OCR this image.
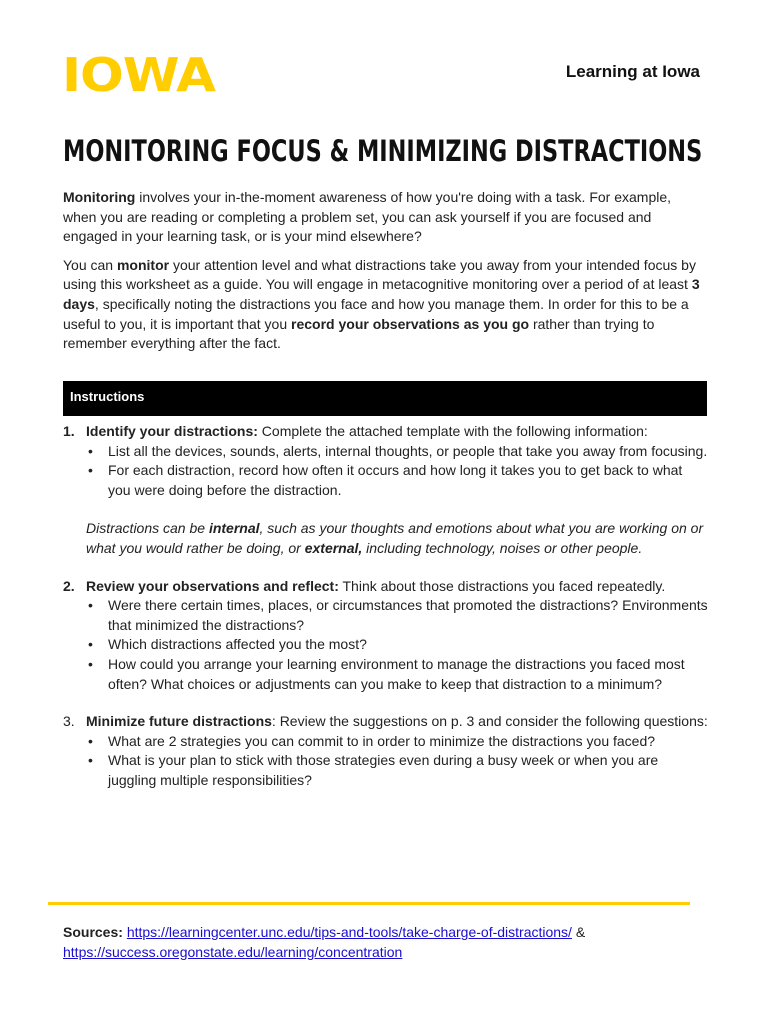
IOWA	Learning at Iowa
MONITORING FOCUS & MINIMIZING DISTRACTIONS

Monitoring involves your in-the-moment awareness of how you're doing with a task. For example, when you are reading or completing a problem set, you can ask yourself if you are focused and engaged in your learning task, or is your mind elsewhere?

You can monitor your attention level and what distractions take you away from your intended focus by using this worksheet as a guide. You will engage in metacognitive monitoring over a period of at least 3 days, specifically noting the distractions you face and how you manage them. In order for this to be a useful to you, it is important that you record your observations as you go rather than trying to remember everything after the fact.

Instructions
1. Identify your distractions: Complete the attached template with the following information:
• List all the devices, sounds, alerts, internal thoughts, or people that take you away from focusing.
• For each distraction, record how often it occurs and how long it takes you to get back to what you were doing before the distraction.

Distractions can be internal, such as your thoughts and emotions about what you are working on or what you would rather be doing, or external, including technology, noises or other people.

2. Review your observations and reflect: Think about those distractions you faced repeatedly.
• Were there certain times, places, or circumstances that promoted the distractions? Environments that minimized the distractions?
• Which distractions affected you the most?
• How could you arrange your learning environment to manage the distractions you faced most often? What choices or adjustments can you make to keep that distraction to a minimum?
3. Minimize future distractions: Review the suggestions on p. 3 and consider the following questions:
• What are 2 strategies you can commit to in order to minimize the distractions you faced?
• What is your plan to stick with those strategies even during a busy week or when you are juggling multiple responsibilities?
Sources: https://learningcenter.unc.edu/tips-and-tools/take-charge-of-distractions/ &
https://success.oregonstate.edu/learning/concentration
